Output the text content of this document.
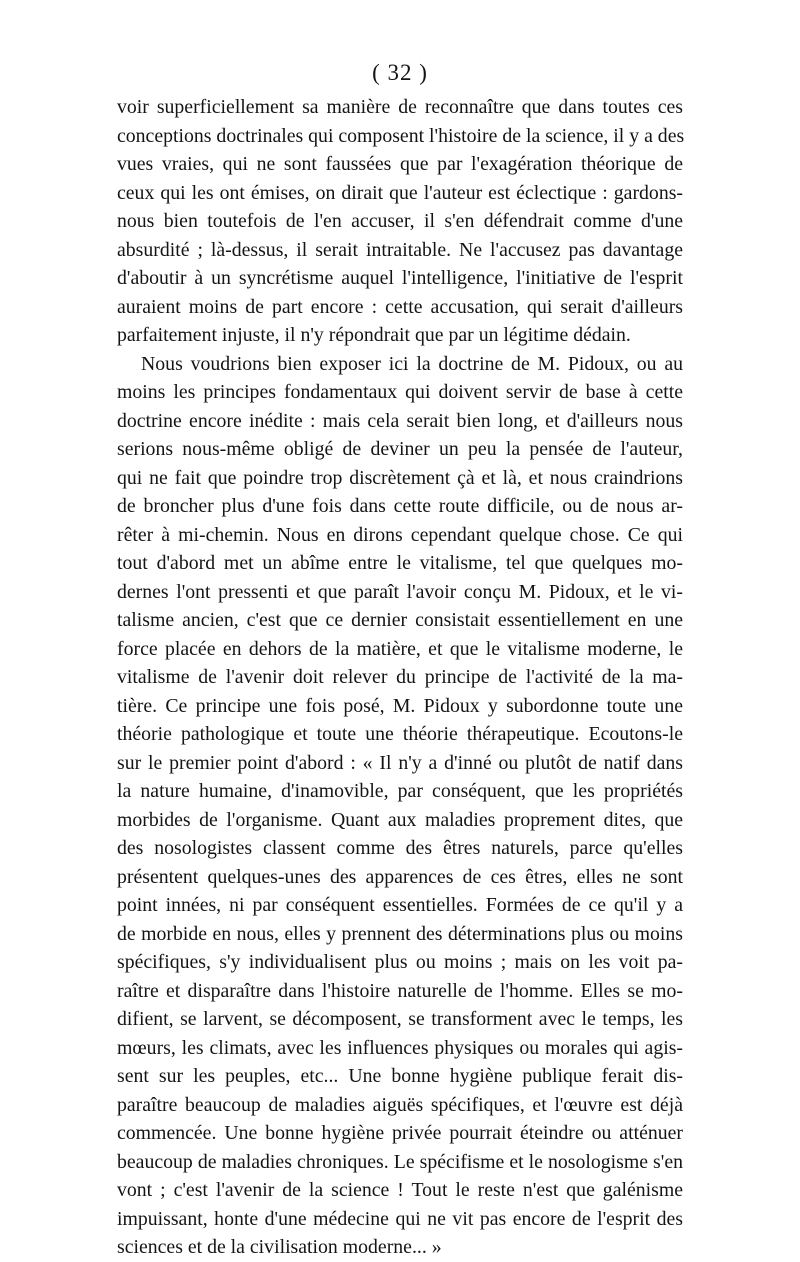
( 32 )
voir superficiellement sa manière de reconnaître que dans toutes ces
conceptions doctrinales qui composent l'histoire de la science, il y a des
vues vraies, qui ne sont faussées que par l'exagération théorique de
ceux qui les ont émises, on dirait que l'auteur est éclectique : gardons-
nous bien toutefois de l'en accuser, il s'en défendrait comme d'une
absurdité ; là-dessus, il serait intraitable. Ne l'accusez pas davantage
d'aboutir à un syncrétisme auquel l'intelligence, l'initiative de l'esprit
auraient moins de part encore : cette accusation, qui serait d'ailleurs
parfaitement injuste, il n'y répondrait que par un légitime dédain.
Nous voudrions bien exposer ici la doctrine de M. Pidoux, ou au
moins les principes fondamentaux qui doivent servir de base à cette
doctrine encore inédite : mais cela serait bien long, et d'ailleurs nous
serions nous-même obligé de deviner un peu la pensée de l'auteur,
qui ne fait que poindre trop discrètement çà et là, et nous craindrions
de broncher plus d'une fois dans cette route difficile, ou de nous ar-
rêter à mi-chemin. Nous en dirons cependant quelque chose. Ce qui
tout d'abord met un abîme entre le vitalisme, tel que quelques mo-
dernes l'ont pressenti et que paraît l'avoir conçu M. Pidoux, et le vi-
talisme ancien, c'est que ce dernier consistait essentiellement en une
force placée en dehors de la matière, et que le vitalisme moderne, le
vitalisme de l'avenir doit relever du principe de l'activité de la ma-
tière. Ce principe une fois posé, M. Pidoux y subordonne toute une
théorie pathologique et toute une théorie thérapeutique. Ecoutons-le
sur le premier point d'abord : « Il n'y a d'inné ou plutôt de natif dans
la nature humaine, d'inamovible, par conséquent, que les propriétés
morbides de l'organisme. Quant aux maladies proprement dites, que
des nosologistes classent comme des êtres naturels, parce qu'elles
présentent quelques-unes des apparences de ces êtres, elles ne sont
point innées, ni par conséquent essentielles. Formées de ce qu'il y a
de morbide en nous, elles y prennent des déterminations plus ou moins
spécifiques, s'y individualisent plus ou moins ; mais on les voit pa-
raître et disparaître dans l'histoire naturelle de l'homme. Elles se mo-
difient, se larvent, se décomposent, se transforment avec le temps, les
mœurs, les climats, avec les influences physiques ou morales qui agis-
sent sur les peuples, etc... Une bonne hygiène publique ferait dis-
paraître beaucoup de maladies aiguës spécifiques, et l'œuvre est déjà
commencée. Une bonne hygiène privée pourrait éteindre ou atténuer
beaucoup de maladies chroniques. Le spécifisme et le nosologisme s'en
vont ; c'est l'avenir de la science ! Tout le reste n'est que galénisme
impuissant, honte d'une médecine qui ne vit pas encore de l'esprit des
sciences et de la civilisation moderne... »
